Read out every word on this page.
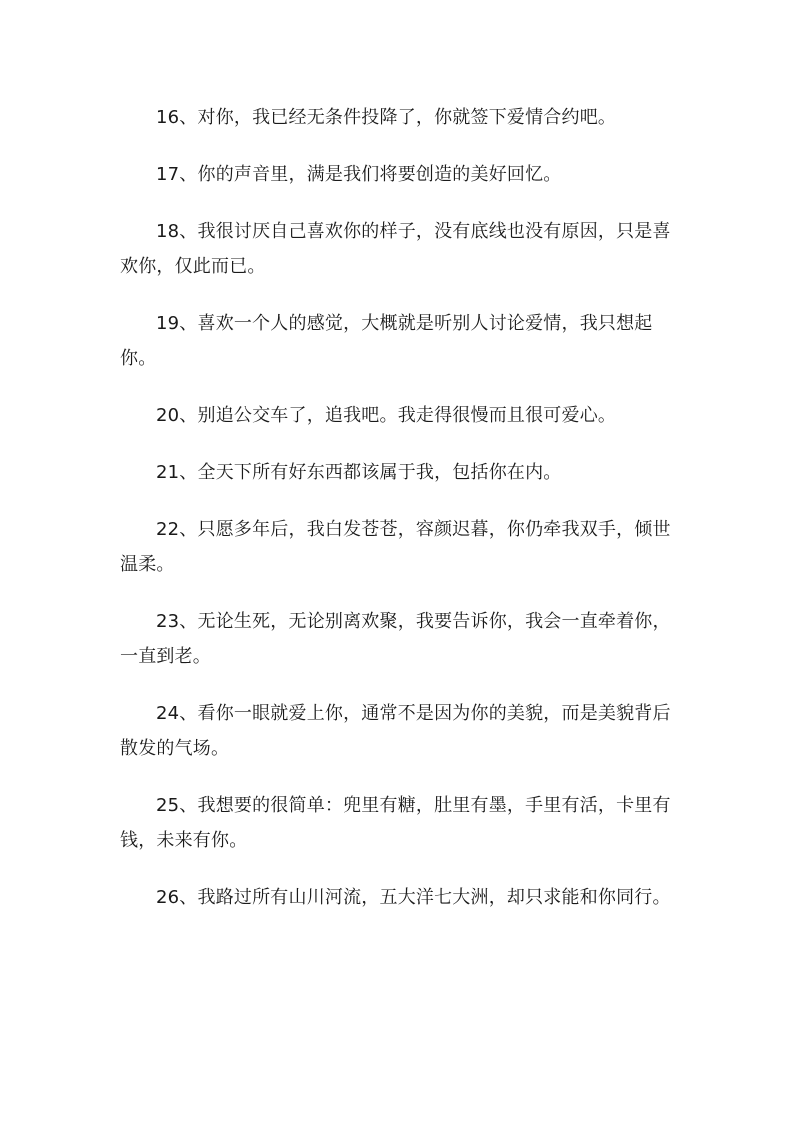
16、对你，我已经无条件投降了，你就签下爱情合约吧。

17、你的声音里，满是我们将要创造的美好回忆。

18、我很讨厌自己喜欢你的样子，没有底线也没有原因，只是喜欢你，仅此而已。

19、喜欢一个人的感觉，大概就是听别人讨论爱情，我只想起你。

20、别追公交车了，追我吧。我走得很慢而且很可爱心。

21、全天下所有好东西都该属于我，包括你在内。

22、只愿多年后，我白发苍苍，容颜迟暮，你仍牵我双手，倾世温柔。

23、无论生死，无论别离欢聚，我要告诉你，我会一直牵着你，一直到老。

24、看你一眼就爱上你，通常不是因为你的美貌，而是美貌背后散发的气场。

25、我想要的很简单：兜里有糖，肚里有墨，手里有活，卡里有钱，未来有你。

26、我路过所有山川河流，五大洋七大洲，却只求能和你同行。
